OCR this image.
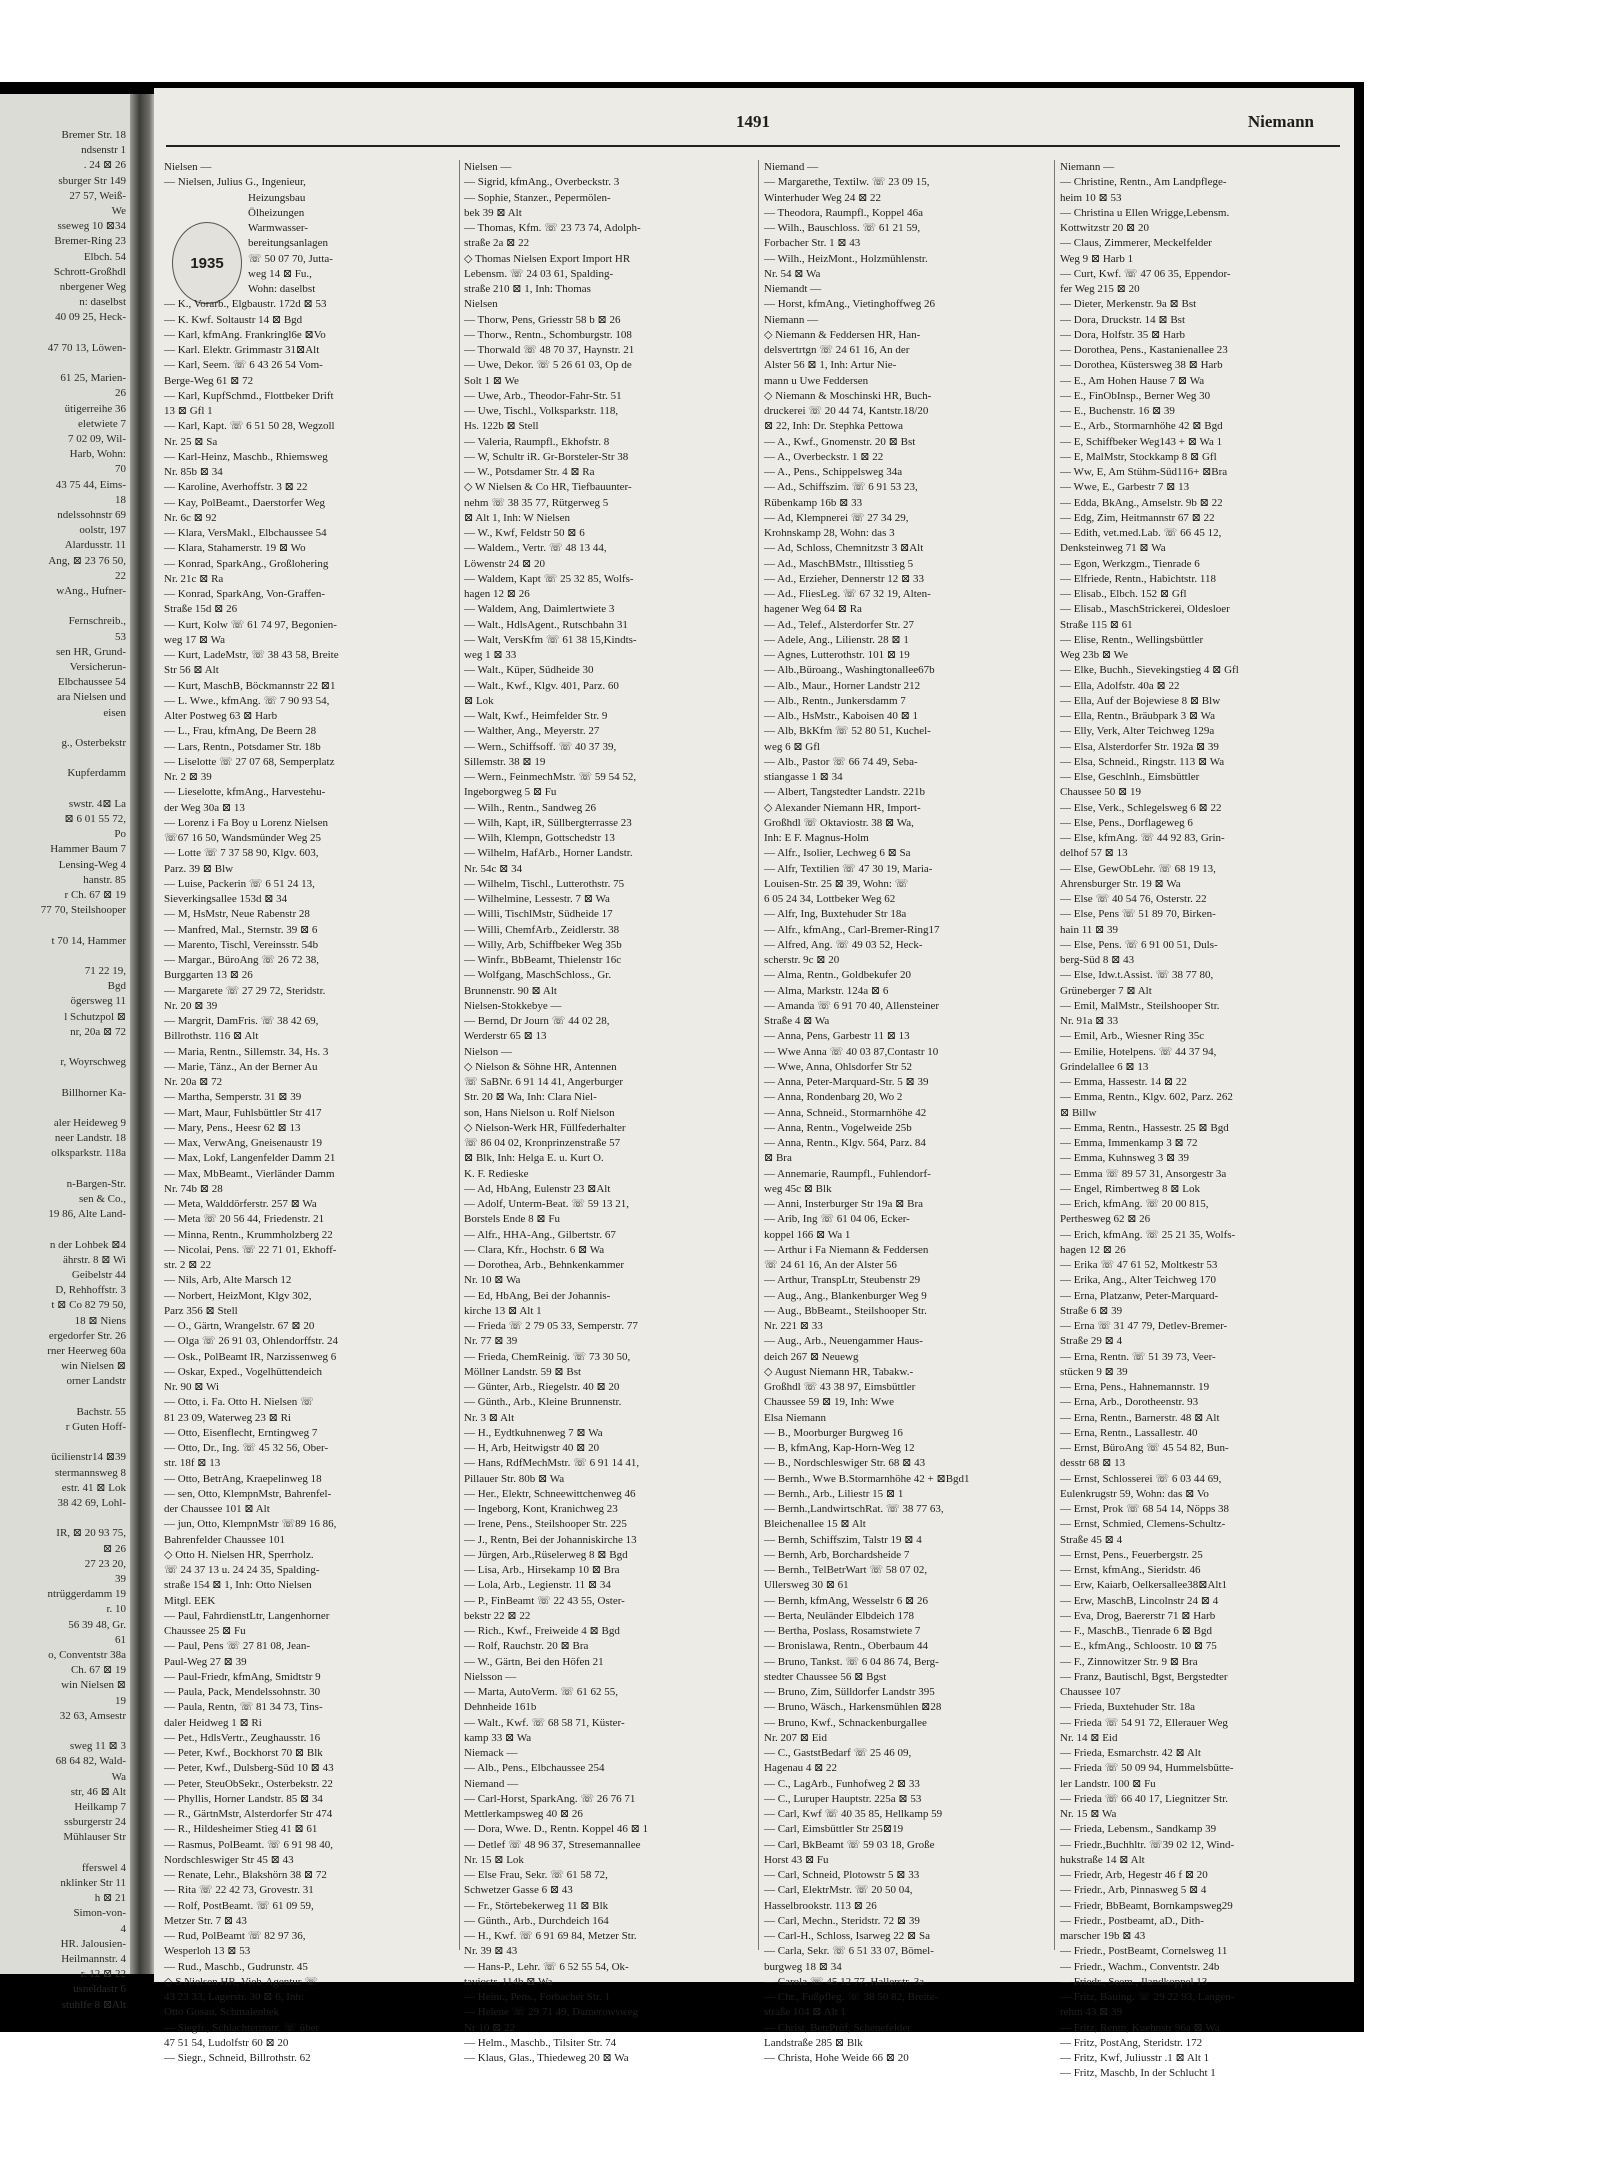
Bremer Str. 18
ndsenstr 1
. 24 ⊠ 26
sburger Str 149
27 57, Weiß-
We
sseweg 10 ⊠34
Bremer-Ring 23
Elbch. 54
Schrott-Großhdl
nbergener Weg
n: daselbst
40 09 25, Heck-
47 70 13, Löwen-
61 25, Marien-
26
ütigerreihe 36
eletwiete 7
7 02 09, Wil-
Harb, Wohn:
70
43 75 44, Eims-
18
ndelssohnstr 69
oolstr, 197
Alardusstr. 11
Ang, ⊠ 23 76 50,
22
wAng., Hufner-
Fernschreib.,
53
sen HR, Grund-
Versicherun-
Elbchaussee 54
ara Nielsen und
eisen
g., Osterbekstr
Kupferdamm
swstr. 4⊠ La
⊠ 6 01 55 72,
Po
Hammer Baum 7
Lensing-Weg 4
hanstr. 85
r Ch. 67 ⊠ 19
77 70, Steilshooper
t 70 14, Hammer
71 22 19,
Bgd
ögersweg 11
l Schutzpol ⊠
nr, 20a ⊠ 72
r, Woyrschweg
Billhorner Ka-
aler Heideweg 9
neer Landstr. 18
olksparkstr. 118a
n-Bargen-Str.
sen & Co.,
19 86, Alte Land-
n der Lohbek ⊠4
ährstr. 8 ⊠ Wi
Geibelstr 44
D, Rehhoffstr. 3
t ⊠ Co 82 79 50,
18 ⊠ Niens
ergedorfer Str. 26
rner Heerweg 60a
win Nielsen ⊠
orner Landstr
Bachstr. 55
r Guten Hoff-
ücilienstr14 ⊠39
stermannsweg 8
estr. 41 ⊠ Lok
38 42 69, Lohl-
IR, ⊠ 20 93 75,
⊠ 26
27 23 20,
39
ntrüggerdamm 19
r. 10
56 39 48, Gr.
61
o, Conventstr 38a
Ch. 67 ⊠ 19
win Nielsen ⊠
19
32 63, Amsestr
sweg 11 ⊠ 3
68 64 82, Wald-
Wa
str, 46 ⊠ Alt
Heilkamp 7
ssburgerstr 24
Mühlauser Str
fferswel 4
nklinker Str 11
h ⊠ 21
Simon-von-
4
HR. Jalousien-
Heilmannstr. 4
r. 12 ⊠ 22
usneldastr 6
stuhlfe 8 ⊠Alt
1491	Niemann
1935
Nielsen —
— Nielsen, Julius G., Ingenieur,
Heizungsbau
Ölheizungen
Warmwasser-
bereitungsanlagen
☏ 50 07 70, Jutta-
weg 14 ⊠ Fu.,
Wohn: daselbst
— K., Vorarb., Elgbaustr. 172d ⊠ 53
— K. Kwf. Soltaustr 14 ⊠ Bgd
— Karl, kfmAng. Frankringl6e ⊠Vo
— Karl. Elektr. Grimmastr 31⊠Alt
— Karl, Seem. ☏ 6 43 26 54 Vom-
Berge-Weg 61 ⊠ 72
— Karl, KupfSchmd., Flottbeker Drift
13 ⊠ Gfl 1
— Karl, Kapt. ☏ 6 51 50 28, Wegzoll
Nr. 25 ⊠ Sa
— Karl-Heinz, Maschb., Rhiemsweg
Nr. 85b ⊠ 34
— Karoline, Averhoffstr. 3 ⊠ 22
— Kay, PolBeamt., Daerstorfer Weg
Nr. 6c ⊠ 92
— Klara, VersMakl., Elbchaussee 54
— Klara, Stahamerstr. 19 ⊠ Wo
— Konrad, SparkAng., Großlohering
Nr. 21c ⊠ Ra
— Konrad, SparkAng, Von-Graffen-
Straße 15d ⊠ 26
— Kurt, Kolw ☏ 61 74 97, Begonien-
weg 17 ⊠ Wa
— Kurt, LadeMstr, ☏ 38 43 58, Breite
Str 56 ⊠ Alt
— Kurt, MaschB, Böckmannstr 22 ⊠1
— L. Wwe., kfmAng. ☏ 7 90 93 54,
Alter Postweg 63 ⊠ Harb
— L., Frau, kfmAng, De Beern 28
— Lars, Rentn., Potsdamer Str. 18b
— Liselotte ☏ 27 07 68, Semperplatz
Nr. 2 ⊠ 39
— Lieselotte, kfmAng., Harvestehu-
der Weg 30a ⊠ 13
— Lorenz i Fa Boy u Lorenz Nielsen
☏67 16 50, Wandsmünder Weg 25
— Lotte ☏ 7 37 58 90, Klgv. 603,
Parz. 39 ⊠ Blw
— Luise, Packerin ☏ 6 51 24 13,
Sieverkingsallee 153d ⊠ 34
— M, HsMstr, Neue Rabenstr 28
— Manfred, Mal., Sternstr. 39 ⊠ 6
— Marento, Tischl, Vereinsstr. 54b
— Margar., BüroAng ☏ 26 72 38,
Burggarten 13 ⊠ 26
— Margarete ☏ 27 29 72, Steridstr.
Nr. 20 ⊠ 39
— Margrit, DamFris. ☏ 38 42 69,
Billrothstr. 116 ⊠ Alt
— Maria, Rentn., Sillemstr. 34, Hs. 3
— Marie, Tänz., An der Berner Au
Nr. 20a ⊠ 72
— Martha, Semperstr. 31 ⊠ 39
— Mart, Maur, Fuhlsbüttler Str 417
— Mary, Pens., Heesr 62 ⊠ 13
— Max, VerwAng, Gneisenaustr 19
— Max, Lokf, Langenfelder Damm 21
— Max, MbBeamt., Vierländer Damm
Nr. 74b ⊠ 28
— Meta, Walddörferstr. 257 ⊠ Wa
— Meta ☏ 20 56 44, Friedenstr. 21
— Minna, Rentn., Krummholzberg 22
— Nicolai, Pens. ☏ 22 71 01, Ekhoff-
str. 2 ⊠ 22
— Nils, Arb, Alte Marsch 12
— Norbert, HeizMont, Klgv 302,
Parz 356 ⊠ Stell
— O., Gärtn, Wrangelstr. 67 ⊠ 20
— Olga ☏ 26 91 03, Ohlendorffstr. 24
— Osk., PolBeamt IR, Narzissenweg 6
— Oskar, Exped., Vogelhüttendeich
Nr. 90 ⊠ Wi
— Otto, i. Fa. Otto H. Nielsen ☏
81 23 09, Waterweg 23 ⊠ Ri
— Otto, Eisenflecht, Erntingweg 7
— Otto, Dr., Ing. ☏ 45 32 56, Ober-
str. 18f ⊠ 13
— Otto, BetrAng, Kraepelinweg 18
— sen, Otto, KlempnMstr, Bahrenfel-
der Chaussee 101 ⊠ Alt
— jun, Otto, KlempnMstr ☏89 16 86,
Bahrenfelder Chaussee 101
◇ Otto H. Nielsen HR, Sperrholz.
☏ 24 37 13 u. 24 24 35, Spalding-
straße 154 ⊠ 1, Inh: Otto Nielsen
Mitgl. EEK
— Paul, FahrdienstLtr, Langenhorner
Chaussee 25 ⊠ Fu
— Paul, Pens ☏ 27 81 08, Jean-
Paul-Weg 27 ⊠ 39
— Paul-Friedr, kfmAng, Smidtstr 9
— Paula, Pack, Mendelssohnstr. 30
— Paula, Rentn, ☏ 81 34 73, Tins-
daler Heidweg 1 ⊠ Ri
— Pet., HdlsVertr., Zeughausstr. 16
— Peter, Kwf., Bockhorst 70 ⊠ Blk
— Peter, Kwf., Dulsberg-Süd 10 ⊠ 43
— Peter, SteuObSekr., Osterbekstr. 22
— Phyllis, Horner Landstr. 85 ⊠ 34
— R., GärtnMstr, Alsterdorfer Str 474
— R., Hildesheimer Stieg 41 ⊠ 61
— Rasmus, PolBeamt. ☏ 6 91 98 40,
Nordschleswiger Str 45 ⊠ 43
— Renate, Lehr., Blakshörn 38 ⊠ 72
— Rita ☏ 22 42 73, Grovestr. 31
— Rolf, PostBeamt. ☏ 61 09 59,
Metzer Str. 7 ⊠ 43
— Rud, PolBeamt ☏ 82 97 36,
Wesperloh 13 ⊠ 53
— Rud., Maschb., Gudrunstr. 45
◇ S Nielsen HR, Vieh-Agentur ☏
43 23 33, Lagerstr. 30 ⊠ 6, Inh:
Otto Gosau, Schmalenbek
— Siegfr., Schlachtermstr. ☏ über
47 51 54, Ludolfstr 60 ⊠ 20
— Siegr., Schneid, Billrothstr. 62
Nielsen —
— Sigrid, kfmAng., Overbeckstr. 3
— Sophie, Stanzer., Pepermölen-
bek 39 ⊠ Alt
— Thomas, Kfm. ☏ 23 73 74, Adolph-
straße 2a ⊠ 22
◇ Thomas Nielsen Export Import HR
Lebensm. ☏ 24 03 61, Spalding-
straße 210 ⊠ 1, Inh: Thomas
Nielsen
— Thorw, Pens, Griesstr 58 b ⊠ 26
— Thorw., Rentn., Schomburgstr. 108
— Thorwald ☏ 48 70 37, Haynstr. 21
— Uwe, Dekor. ☏ 5 26 61 03, Op de
Solt 1 ⊠ We
— Uwe, Arb., Theodor-Fahr-Str. 51
— Uwe, Tischl., Volksparkstr. 118,
Hs. 122b ⊠ Stell
— Valeria, Raumpfl., Ekhofstr. 8
— W, Schultr iR. Gr-Borsteler-Str 38
— W., Potsdamer Str. 4 ⊠ Ra
◇ W Nielsen & Co HR, Tiefbauunter-
nehm ☏ 38 35 77, Rütgerweg 5
⊠ Alt 1, Inh: W Nielsen
— W., Kwf, Feldstr 50 ⊠ 6
— Waldem., Vertr. ☏ 48 13 44,
Löwenstr 24 ⊠ 20
— Waldem, Kapt ☏ 25 32 85, Wolfs-
hagen 12 ⊠ 26
— Waldem, Ang, Daimlertwiete 3
— Walt., HdlsAgent., Rutschbahn 31
— Walt, VersKfm ☏ 61 38 15,Kindts-
weg 1 ⊠ 33
— Walt., Küper, Südheide 30
— Walt., Kwf., Klgv. 401, Parz. 60
⊠ Lok
— Walt, Kwf., Heimfelder Str. 9
— Walther, Ang., Meyerstr. 27
— Wern., Schiffsoff. ☏ 40 37 39,
Sillemstr. 38 ⊠ 19
— Wern., FeinmechMstr. ☏ 59 54 52,
Ingeborgweg 5 ⊠ Fu
— Wilh., Rentn., Sandweg 26
— Wilh, Kapt, iR, Süllbergterrasse 23
— Wilh, Klempn, Gottschedstr 13
— Wilhelm, HafArb., Horner Landstr.
Nr. 54c ⊠ 34
— Wilhelm, Tischl., Lutterothstr. 75
— Wilhelmine, Lessestr. 7 ⊠ Wa
— Willi, TischlMstr, Südheide 17
— Willi, ChemfArb., Zeidlerstr. 38
— Willy, Arb, Schiffbeker Weg 35b
— Winfr., BbBeamt, Thielenstr 16c
— Wolfgang, MaschSchloss., Gr.
Brunnenstr. 90 ⊠ Alt
Nielsen-Stokkebye —
— Bernd, Dr Journ ☏ 44 02 28,
Werderstr 65 ⊠ 13
Nielson —
◇ Nielson & Söhne HR, Antennen
☏ SaBNr. 6 91 14 41, Angerburger
Str. 20 ⊠ Wa, Inh: Clara Niel-
son, Hans Nielson u. Rolf Nielson
◇ Nielson-Werk HR, Füllfederhalter
☏ 86 04 02, Kronprinzenstraße 57
⊠ Blk, Inh: Helga E. u. Kurt O.
K. F. Redieske
— Ad, HbAng, Eulenstr 23 ⊠Alt
— Adolf, Unterm-Beat. ☏ 59 13 21,
Borstels Ende 8 ⊠ Fu
— Alfr., HHA-Ang., Gilbertstr. 67
— Clara, Kfr., Hochstr. 6 ⊠ Wa
— Dorothea, Arb., Behnkenkammer
Nr. 10 ⊠ Wa
— Ed, HbAng, Bei der Johannis-
kirche 13 ⊠ Alt 1
— Frieda ☏ 2 79 05 33, Semperstr. 77
Nr. 77 ⊠ 39
— Frieda, ChemReinig. ☏ 73 30 50,
Möllner Landstr. 59 ⊠ Bst
— Günter, Arb., Riegelstr. 40 ⊠ 20
— Günth., Arb., Kleine Brunnenstr.
Nr. 3 ⊠ Alt
— H., Eydtkuhnenweg 7 ⊠ Wa
— H, Arb, Heitwigstr 40 ⊠ 20
— Hans, RdfMechMstr. ☏ 6 91 14 41,
Pillauer Str. 80b ⊠ Wa
— Her., Elektr, Schneewittchenweg 46
— Ingeborg, Kont, Kranichweg 23
— Irene, Pens., Steilshooper Str. 225
— J., Rentn, Bei der Johanniskirche 13
— Jürgen, Arb.,Rüselerweg 8 ⊠ Bgd
— Lisa, Arb., Hirsekamp 10 ⊠ Bra
— Lola, Arb., Legienstr. 11 ⊠ 34
— P., FinBeamt ☏ 22 43 55, Oster-
bekstr 22 ⊠ 22
— Rich., Kwf., Freiweide 4 ⊠ Bgd
— Rolf, Rauchstr. 20 ⊠ Bra
— W., Gärtn, Bei den Höfen 21
Nielsson —
— Marta, AutoVerm. ☏ 61 62 55,
Dehnheide 161b
— Walt., Kwf. ☏ 68 58 71, Küster-
kamp 33 ⊠ Wa
Niemack —
— Alb., Pens., Elbchaussee 254
Niemand —
— Carl-Horst, SparkAng. ☏ 26 76 71
Mettlerkampsweg 40 ⊠ 26
— Dora, Wwe. D., Rentn. Koppel 46 ⊠ 1
— Detlef ☏ 48 96 37, Stresemannallee
Nr. 15 ⊠ Lok
— Else Frau, Sekr. ☏ 61 58 72,
Schwetzer Gasse 6 ⊠ 43
— Fr., Störtebekerweg 11 ⊠ Blk
— Günth., Arb., Durchdeich 164
— H., Kwf. ☏ 6 91 69 84, Metzer Str.
Nr. 39 ⊠ 43
— Hans-P., Lehr. ☏ 6 52 55 54, Ok-
taviostr. 114b ⊠ Wa
— Heinr., Pens., Forbacher Str. 1
— Helene ☏ 29 71 49, Damerowsweg
Nr 10 ⊠ 22
— Helm., Maschb., Tilsiter Str. 74
— Klaus, Glas., Thiedeweg 20 ⊠ Wa
Niemand —
— Margarethe, Textilw. ☏ 23 09 15,
Winterhuder Weg 24 ⊠ 22
— Theodora, Raumpfl., Koppel 46a
— Wilh., Bauschloss. ☏ 61 21 59,
Forbacher Str. 1 ⊠ 43
— Wilh., HeizMont., Holzmühlenstr.
Nr. 54 ⊠ Wa
Niemandt —
— Horst, kfmAng., Vietinghoffweg 26
Niemann —
◇ Niemann & Feddersen HR, Han-
delsvertrtgn ☏ 24 61 16, An der
Alster 56 ⊠ 1, Inh: Artur Nie-
mann u Uwe Feddersen
◇ Niemann & Moschinski HR, Buch-
druckerei ☏ 20 44 74, Kantstr.18/20
⊠ 22, Inh: Dr. Stephka Pettowa
— A., Kwf., Gnomenstr. 20 ⊠ Bst
— A., Overbeckstr. 1 ⊠ 22
— A., Pens., Schippelsweg 34a
— Ad., Schiffszim. ☏ 6 91 53 23,
Rübenkamp 16b ⊠ 33
— Ad, Klempnerei ☏ 27 34 29,
Krohnskamp 28, Wohn: das 3
— Ad, Schloss, Chemnitzstr 3 ⊠Alt
— Ad., MaschBMstr., Illtisstieg 5
— Ad., Erzieher, Dennerstr 12 ⊠ 33
— Ad., FliesLeg. ☏ 67 32 19, Alten-
hagener Weg 64 ⊠ Ra
— Ad., Telef., Alsterdorfer Str. 27
— Adele, Ang., Lilienstr. 28 ⊠ 1
— Agnes, Lutterothstr. 101 ⊠ 19
— Alb.,Büroang., Washingtonallee67b
— Alb., Maur., Horner Landstr 212
— Alb., Rentn., Junkersdamm 7
— Alb., HsMstr., Kaboisen 40 ⊠ 1
— Alb, BkKfm ☏ 52 80 51, Kuchel-
weg 6 ⊠ Gfl
— Alb., Pastor ☏ 66 74 49, Seba-
stiangasse 1 ⊠ 34
— Albert, Tangstedter Landstr. 221b
◇ Alexander Niemann HR, Import-
Großhdl ☏ Oktaviostr. 38 ⊠ Wa,
Inh: E F. Magnus-Holm
— Alfr., Isolier, Lechweg 6 ⊠ Sa
— Alfr, Textilien ☏ 47 30 19, Maria-
Louisen-Str. 25 ⊠ 39, Wohn: ☏
6 05 24 34, Lottbeker Weg 62
— Alfr, Ing, Buxtehuder Str 18a
— Alfr., kfmAng., Carl-Bremer-Ring17
— Alfred, Ang. ☏ 49 03 52, Heck-
scherstr. 9c ⊠ 20
— Alma, Rentn., Goldbekufer 20
— Alma, Markstr. 124a ⊠ 6
— Amanda ☏ 6 91 70 40, Allensteiner
Straße 4 ⊠ Wa
— Anna, Pens, Garbestr 11 ⊠ 13
— Wwe Anna ☏ 40 03 87,Contastr 10
— Wwe, Anna, Ohlsdorfer Str 52
— Anna, Peter-Marquard-Str. 5 ⊠ 39
— Anna, Rondenbarg 20, Wo 2
— Anna, Schneid., Stormarnhöhe 42
— Anna, Rentn., Vogelweide 25b
— Anna, Rentn., Klgv. 564, Parz. 84
⊠ Bra
— Annemarie, Raumpfl., Fuhlendorf-
weg 45c ⊠ Blk
— Anni, Insterburger Str 19a ⊠ Bra
— Arib, Ing ☏ 61 04 06, Ecker-
koppel 166 ⊠ Wa 1
— Arthur i Fa Niemann & Feddersen
☏ 24 61 16, An der Alster 56
— Arthur, TranspLtr, Steubenstr 29
— Aug., Ang., Blankenburger Weg 9
— Aug., BbBeamt., Steilshooper Str.
Nr. 221 ⊠ 33
— Aug., Arb., Neuengammer Haus-
deich 267 ⊠ Neuewg
◇ August Niemann HR, Tabakw.-
Großhdl ☏ 43 38 97, Eimsbüttler
Chaussee 59 ⊠ 19, Inh: Wwe
Elsa Niemann
— B., Moorburger Burgweg 16
— B, kfmAng, Kap-Horn-Weg 12
— B., Nordschleswiger Str. 68 ⊠ 43
— Bernh., Wwe B.Stormarnhöhe 42 + ⊠Bgd1
— Bernh., Arb., Liliestr 15 ⊠ 1
— Bernh.,LandwirtschRat. ☏ 38 77 63,
Bleichenallee 15 ⊠ Alt
— Bernh, Schiffszim, Talstr 19 ⊠ 4
— Bernh, Arb, Borchardsheide 7
— Bernh., TelBetrWart ☏ 58 07 02,
Ullersweg 30 ⊠ 61
— Bernh, kfmAng, Wesselstr 6 ⊠ 26
— Berta, Neuländer Elbdeich 178
— Bertha, Poslass, Rosamstwiete 7
— Bronislawa, Rentn., Oberbaum 44
— Bruno, Tankst. ☏ 6 04 86 74, Berg-
stedter Chaussee 56 ⊠ Bgst
— Bruno, Zim, Sülldorfer Landstr 395
— Bruno, Wäsch., Harkensmühlen ⊠28
— Bruno, Kwf., Schnackenburgallee
Nr. 207 ⊠ Eid
— C., GaststBedarf ☏ 25 46 09,
Hagenau 4 ⊠ 22
— C., LagArb., Funhofweg 2 ⊠ 33
— C., Luruper Hauptstr. 225a ⊠ 53
— Carl, Kwf ☏ 40 35 85, Hellkamp 59
— Carl, Eimsbüttler Str 25⊠19
— Carl, BkBeamt ☏ 59 03 18, Große
Horst 43 ⊠ Fu
— Carl, Schneid, Plotowstr 5 ⊠ 33
— Carl, ElektrMstr. ☏ 20 50 04,
Hasselbrookstr. 113 ⊠ 26
— Carl, Mechn., Steridstr. 72 ⊠ 39
— Carl-H., Schloss, Isarweg 22 ⊠ Sa
— Carla, Sekr. ☏ 6 51 33 07, Bömel-
burgweg 18 ⊠ 34
— Carola ☏ 45 12 77, Hallerstr. 3a
— Chr., Fußpfleg. ☏ 38 50 82, Breite-
straße 104 ⊠ Alt 1
— Christ, BetrPrüf, Schenefelder
Landstraße 285 ⊠ Blk
— Christa, Hohe Weide 66 ⊠ 20
Niemann —
— Christine, Rentn., Am Landpflege-
heim 10 ⊠ 53
— Christina u Ellen Wrigge,Lebensm.
Kottwitzstr 20 ⊠ 20
— Claus, Zimmerer, Meckelfelder
Weg 9 ⊠ Harb 1
— Curt, Kwf. ☏ 47 06 35, Eppendor-
fer Weg 215 ⊠ 20
— Dieter, Merkenstr. 9a ⊠ Bst
— Dora, Druckstr. 14 ⊠ Bst
— Dora, Holfstr. 35 ⊠ Harb
— Dorothea, Pens., Kastanienallee 23
— Dorothea, Küstersweg 38 ⊠ Harb
— E., Am Hohen Hause 7 ⊠ Wa
— E., FinObInsp., Berner Weg 30
— E., Buchenstr. 16 ⊠ 39
— E., Arb., Stormarnhöhe 42 ⊠ Bgd
— E, Schiffbeker Weg143 + ⊠ Wa 1
— E, MalMstr, Stockkamp 8 ⊠ Gfl
— Ww, E, Am Stühm-Süd116+ ⊠Bra
— Wwe, E., Garbestr 7 ⊠ 13
— Edda, BkAng., Amselstr. 9b ⊠ 22
— Edg, Zim, Heitmannstr 67 ⊠ 22
— Edith, vet.med.Lab. ☏ 66 45 12,
Denksteinweg 71 ⊠ Wa
— Egon, Werkzgm., Tienrade 6
— Elfriede, Rentn., Habichtstr. 118
— Elisab., Elbch. 152 ⊠ Gfl
— Elisab., MaschStrickerei, Oldesloer
Straße 115 ⊠ 61
— Elise, Rentn., Wellingsbüttler
Weg 23b ⊠ We
— Elke, Buchh., Sievekingstieg 4 ⊠ Gfl
— Ella, Adolfstr. 40a ⊠ 22
— Ella, Auf der Bojewiese 8 ⊠ Blw
— Ella, Rentn., Bräubpark 3 ⊠ Wa
— Elly, Verk, Alter Teichweg 129a
— Elsa, Alsterdorfer Str. 192a ⊠ 39
— Elsa, Schneid., Ringstr. 113 ⊠ Wa
— Else, Geschlnh., Eimsbüttler
Chaussee 50 ⊠ 19
— Else, Verk., Schlegelsweg 6 ⊠ 22
— Else, Pens., Dorflageweg 6
— Else, kfmAng. ☏ 44 92 83, Grin-
delhof 57 ⊠ 13
— Else, GewObLehr. ☏ 68 19 13,
Ahrensburger Str. 19 ⊠ Wa
— Else ☏ 40 54 76, Osterstr. 22
— Else, Pens ☏ 51 89 70, Birken-
hain 11 ⊠ 39
— Else, Pens. ☏ 6 91 00 51, Duls-
berg-Süd 8 ⊠ 43
— Else, Idw.t.Assist. ☏ 38 77 80,
Grüneberger 7 ⊠ Alt
— Emil, MalMstr., Steilshooper Str.
Nr. 91a ⊠ 33
— Emil, Arb., Wiesner Ring 35c
— Emilie, Hotelpens. ☏ 44 37 94,
Grindelallee 6 ⊠ 13
— Emma, Hassestr. 14 ⊠ 22
— Emma, Rentn., Klgv. 602, Parz. 262
⊠ Billw
— Emma, Rentn., Hassestr. 25 ⊠ Bgd
— Emma, Immenkamp 3 ⊠ 72
— Emma, Kuhnsweg 3 ⊠ 39
— Emma ☏ 89 57 31, Ansorgestr 3a
— Engel, Rimbertweg 8 ⊠ Lok
— Erich, kfmAng. ☏ 20 00 815,
Perthesweg 62 ⊠ 26
— Erich, kfmAng. ☏ 25 21 35, Wolfs-
hagen 12 ⊠ 26
— Erika ☏ 47 61 52, Moltkestr 53
— Erika, Ang., Alter Teichweg 170
— Erna, Platzanw, Peter-Marquard-
Straße 6 ⊠ 39
— Erna ☏ 31 47 79, Detlev-Bremer-
Straße 29 ⊠ 4
— Erna, Rentn. ☏ 51 39 73, Veer-
stücken 9 ⊠ 39
— Erna, Pens., Hahnemannstr. 19
— Erna, Arb., Dorotheenstr. 93
— Erna, Rentn., Barnerstr. 48 ⊠ Alt
— Erna, Rentn., Lassallestr. 40
— Ernst, BüroAng ☏ 45 54 82, Bun-
desstr 68 ⊠ 13
— Ernst, Schlosserei ☏ 6 03 44 69,
Eulenkrugstr 59, Wohn: das ⊠ Vo
— Ernst, Prok ☏ 68 54 14, Nöpps 38
— Ernst, Schmied, Clemens-Schultz-
Straße 45 ⊠ 4
— Ernst, Pens., Feuerbergstr. 25
— Ernst, kfmAng., Sieridstr. 46
— Erw, Kaiarb, Oelkersallee38⊠Alt1
— Erw, MaschB, Lincolnstr 24 ⊠ 4
— Eva, Drog, Baererstr 71 ⊠ Harb
— F., MaschB., Tienrade 6 ⊠ Bgd
— E., kfmAng., Schloostr. 10 ⊠ 75
— F., Zinnowitzer Str. 9 ⊠ Bra
— Franz, Bautischl, Bgst, Bergstedter
Chaussee 107
— Frieda, Buxtehuder Str. 18a
— Frieda ☏ 54 91 72, Ellerauer Weg
Nr. 14 ⊠ Eid
— Frieda, Esmarchstr. 42 ⊠ Alt
— Frieda ☏ 50 09 94, Hummelsbütte-
ler Landstr. 100 ⊠ Fu
— Frieda ☏ 66 40 17, Liegnitzer Str.
Nr. 15 ⊠ Wa
— Frieda, Lebensm., Sandkamp 39
— Friedr.,Buchhltr. ☏39 02 12, Wind-
hukstraße 14 ⊠ Alt
— Friedr, Arb, Hegestr 46 f ⊠ 20
— Friedr., Arb, Pinnasweg 5 ⊠ 4
— Friedr, BbBeamt, Bornkampsweg29
— Friedr., Postbeamt, aD., Dith-
marscher 19b ⊠ 43
— Friedr., PostBeamt, Cornelsweg 11
— Friedr., Wachm., Conventstr. 24b
— Friedr., Seem., Ilandkoppel 13
— Fritz, Bauing. ☏ 29 22 93, Langen-
rehm 43 ⊠ 39
— Fritz, Rentn, Kuehnstr 96a ⊠ Wa
— Fritz, PostAng, Steridstr. 172
— Fritz, Kwf, Juliusstr .1 ⊠ Alt 1
— Fritz, Maschb, In der Schlucht 1
